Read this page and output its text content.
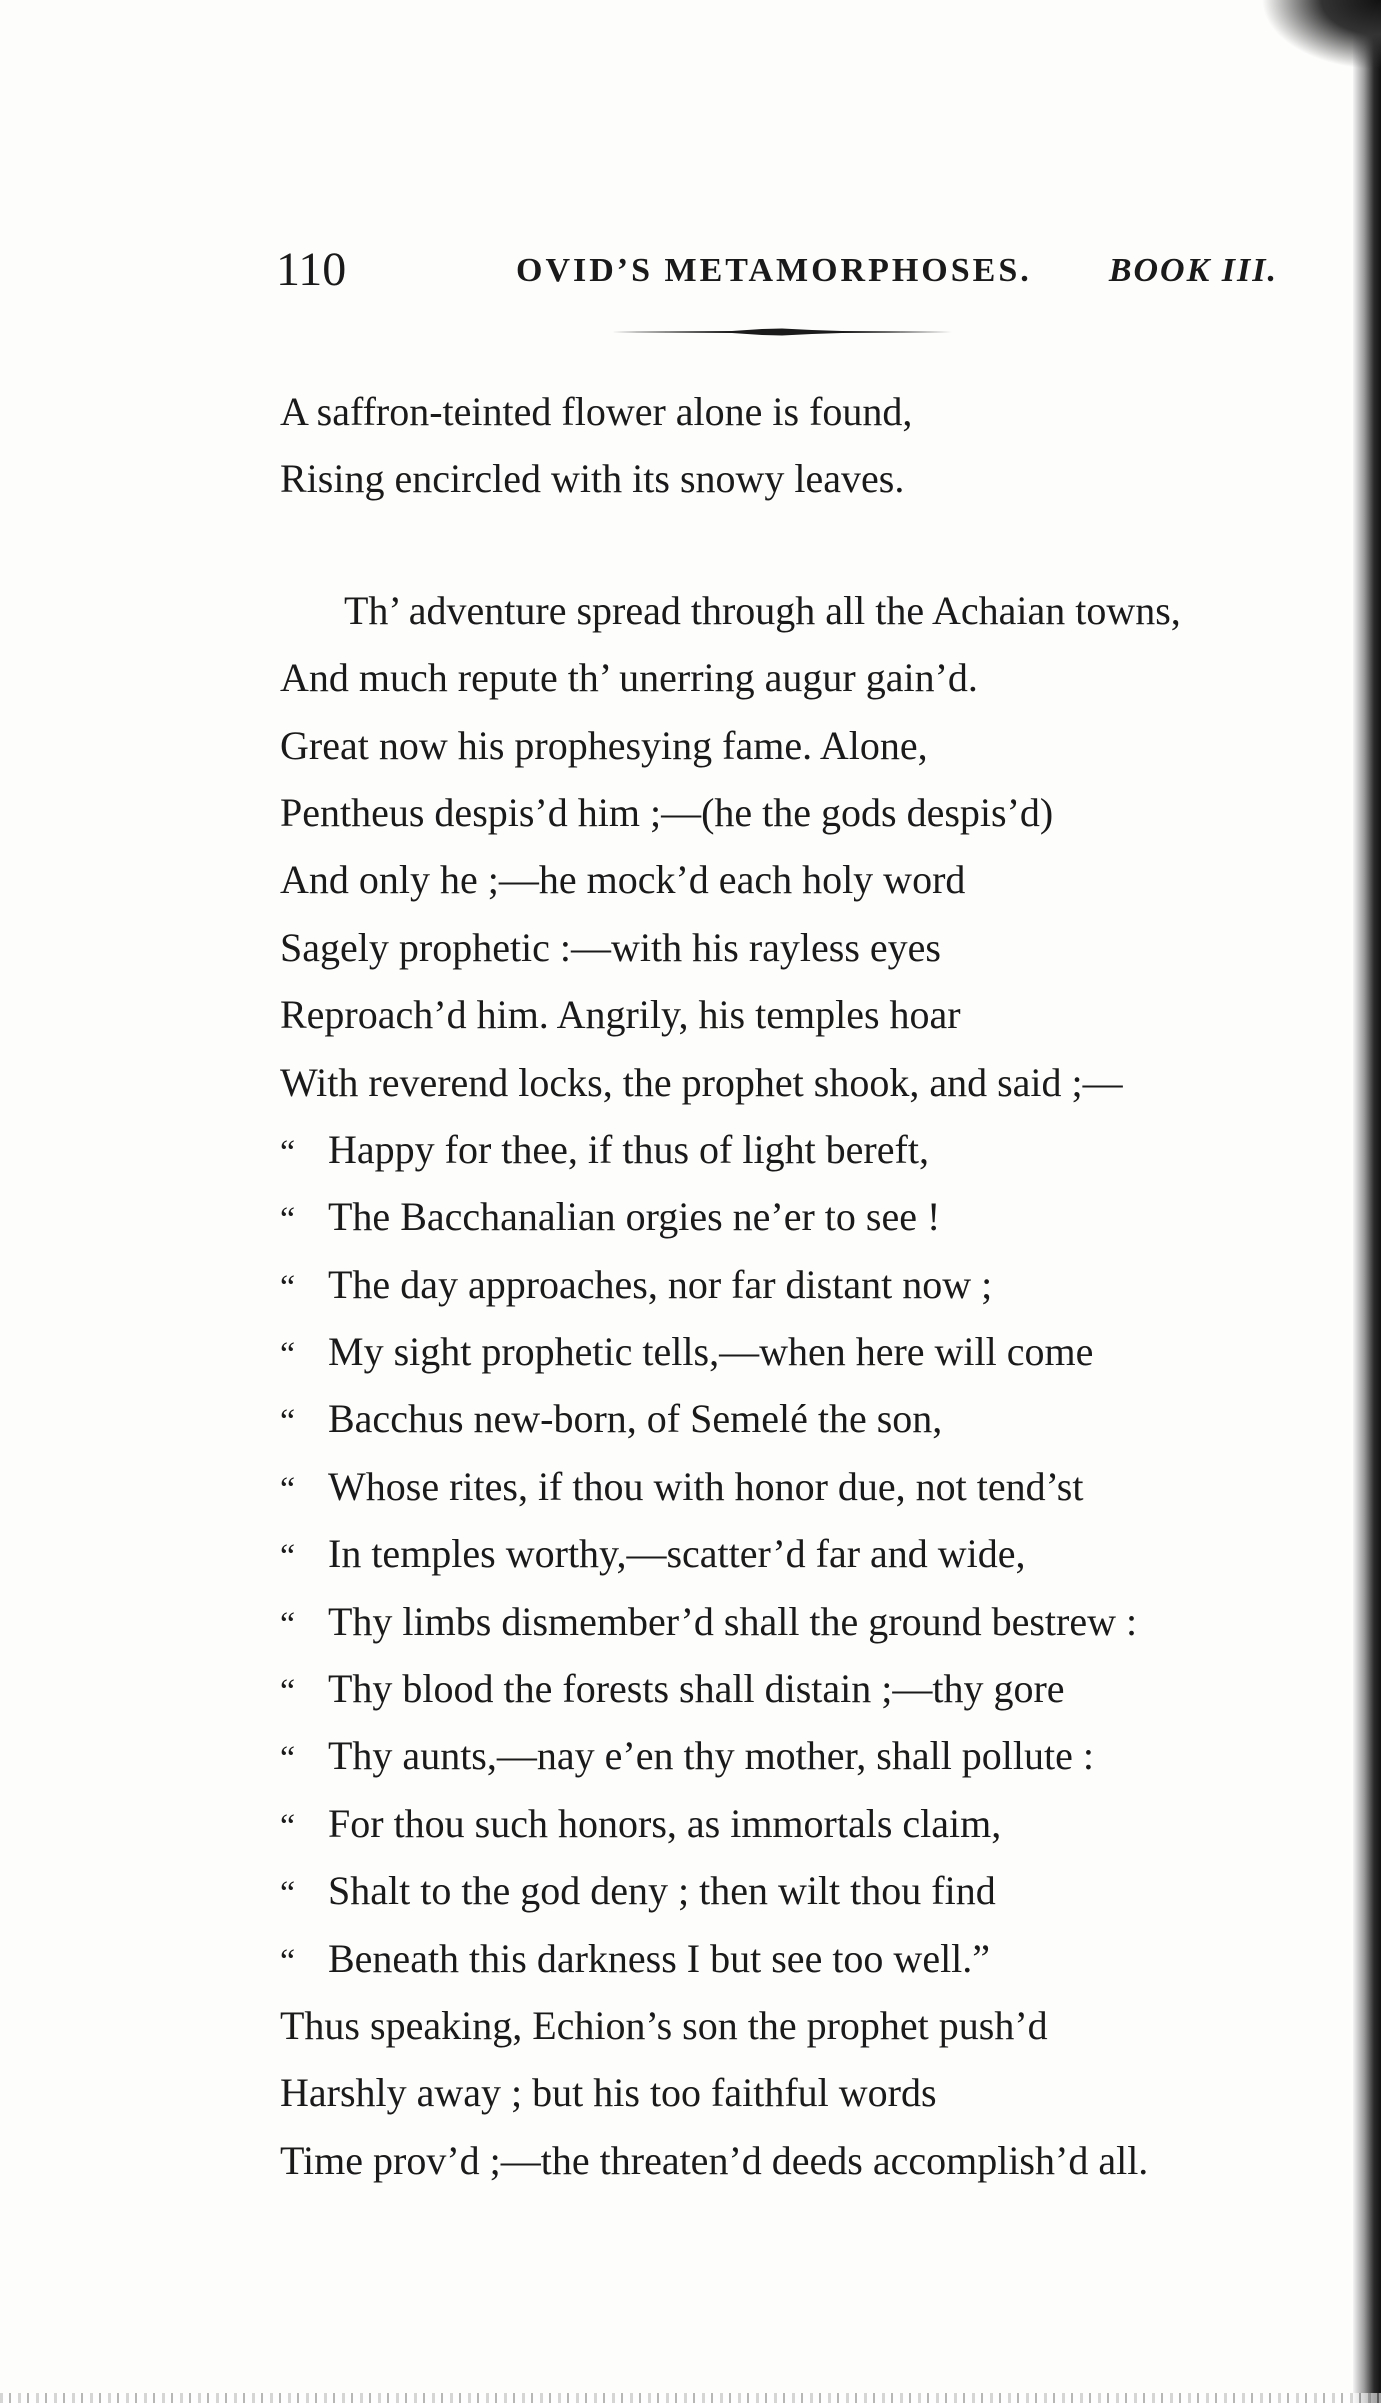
110	OVID’S METAMORPHOSES. BOOK III.
A saffron-teinted flower alone is found,
Rising encircled with its snowy leaves.
Th’ adventure spread through all the Achaian towns,
And much repute th’ unerring augur gain’d.
Great now his prophesying fame. Alone,
Pentheus despis’d him ;—(he the gods despis’d)
And only he ;—he mock’d each holy word
Sagely prophetic :—with his rayless eyes
Reproach’d him. Angrily, his temples hoar
With reverend locks, the prophet shook, and said ;—
“ Happy for thee, if thus of light bereft,
“ The Bacchanalian orgies ne’er to see !
“ The day approaches, nor far distant now ;
“ My sight prophetic tells,—when here will come
“ Bacchus new-born, of Semelé the son,
“ Whose rites, if thou with honor due, not tend’st
“ In temples worthy,—scatter’d far and wide,
“ Thy limbs dismember’d shall the ground bestrew :
“ Thy blood the forests shall distain ;—thy gore
“ Thy aunts,—nay e’en thy mother, shall pollute :
“ For thou such honors, as immortals claim,
“ Shalt to the god deny ; then wilt thou find
“ Beneath this darkness I but see too well.”
Thus speaking, Echion’s son the prophet push’d
Harshly away ; but his too faithful words
Time prov’d ;—the threaten’d deeds accomplish’d all.
